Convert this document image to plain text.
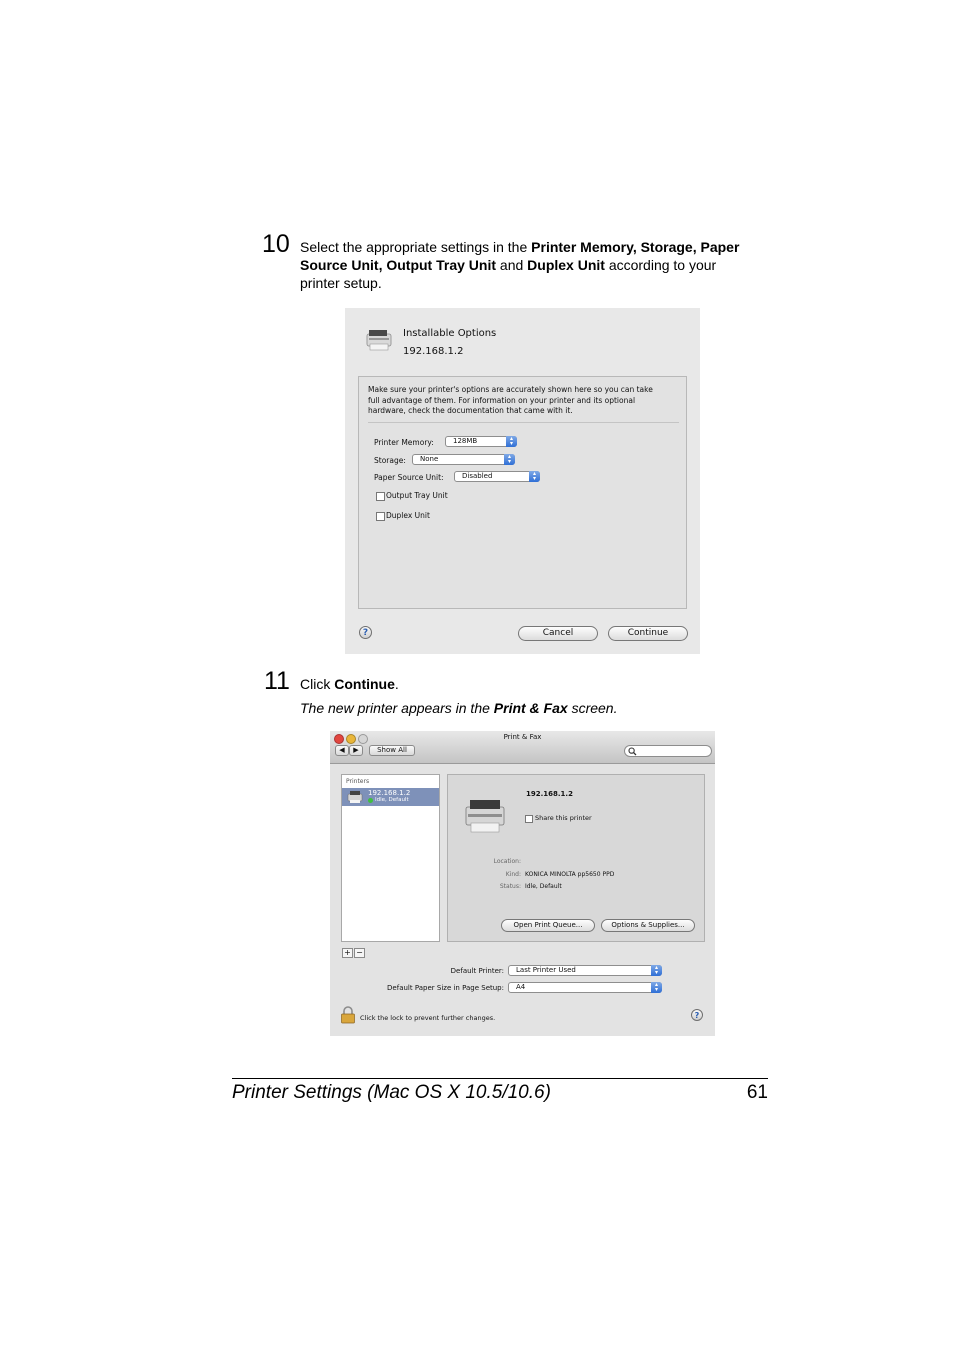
10 Select the appropriate settings in the Printer Memory, Storage, Paper
Source Unit, Output Tray Unit and Duplex Unit according to your
printer setup.
Installable Options
192.168.1.2
Make sure your printer's options are accurately shown here so you can take
full advantage of them. For information on your printer and its optional
hardware, check the documentation that came with it.
Printer Memory:	128MB	▴
▾
Storage:	None	▴
▾
Paper Source Unit:	Disabled	▴
▾
Output Tray Unit
Duplex Unit
?	Cancel	Continue
11 Click Continue.
The new printer appears in the Print & Fax screen.
Print & Fax
◀	▶	Show All
Printers
192.168.1.2
Idle, Default
192.168.1.2
Share this printer
Location:
Kind: KONICA MINOLTA pp5650 PPD
Status: Idle, Default
Open Print Queue...	Options & Supplies...
+ −
Default Printer:	Last Printer Used	▴
▾
Default Paper Size in Page Setup:	A4	▴
▾
Click the lock to prevent further changes.	?
Printer Settings (Mac OS X 10.5/10.6)	61
